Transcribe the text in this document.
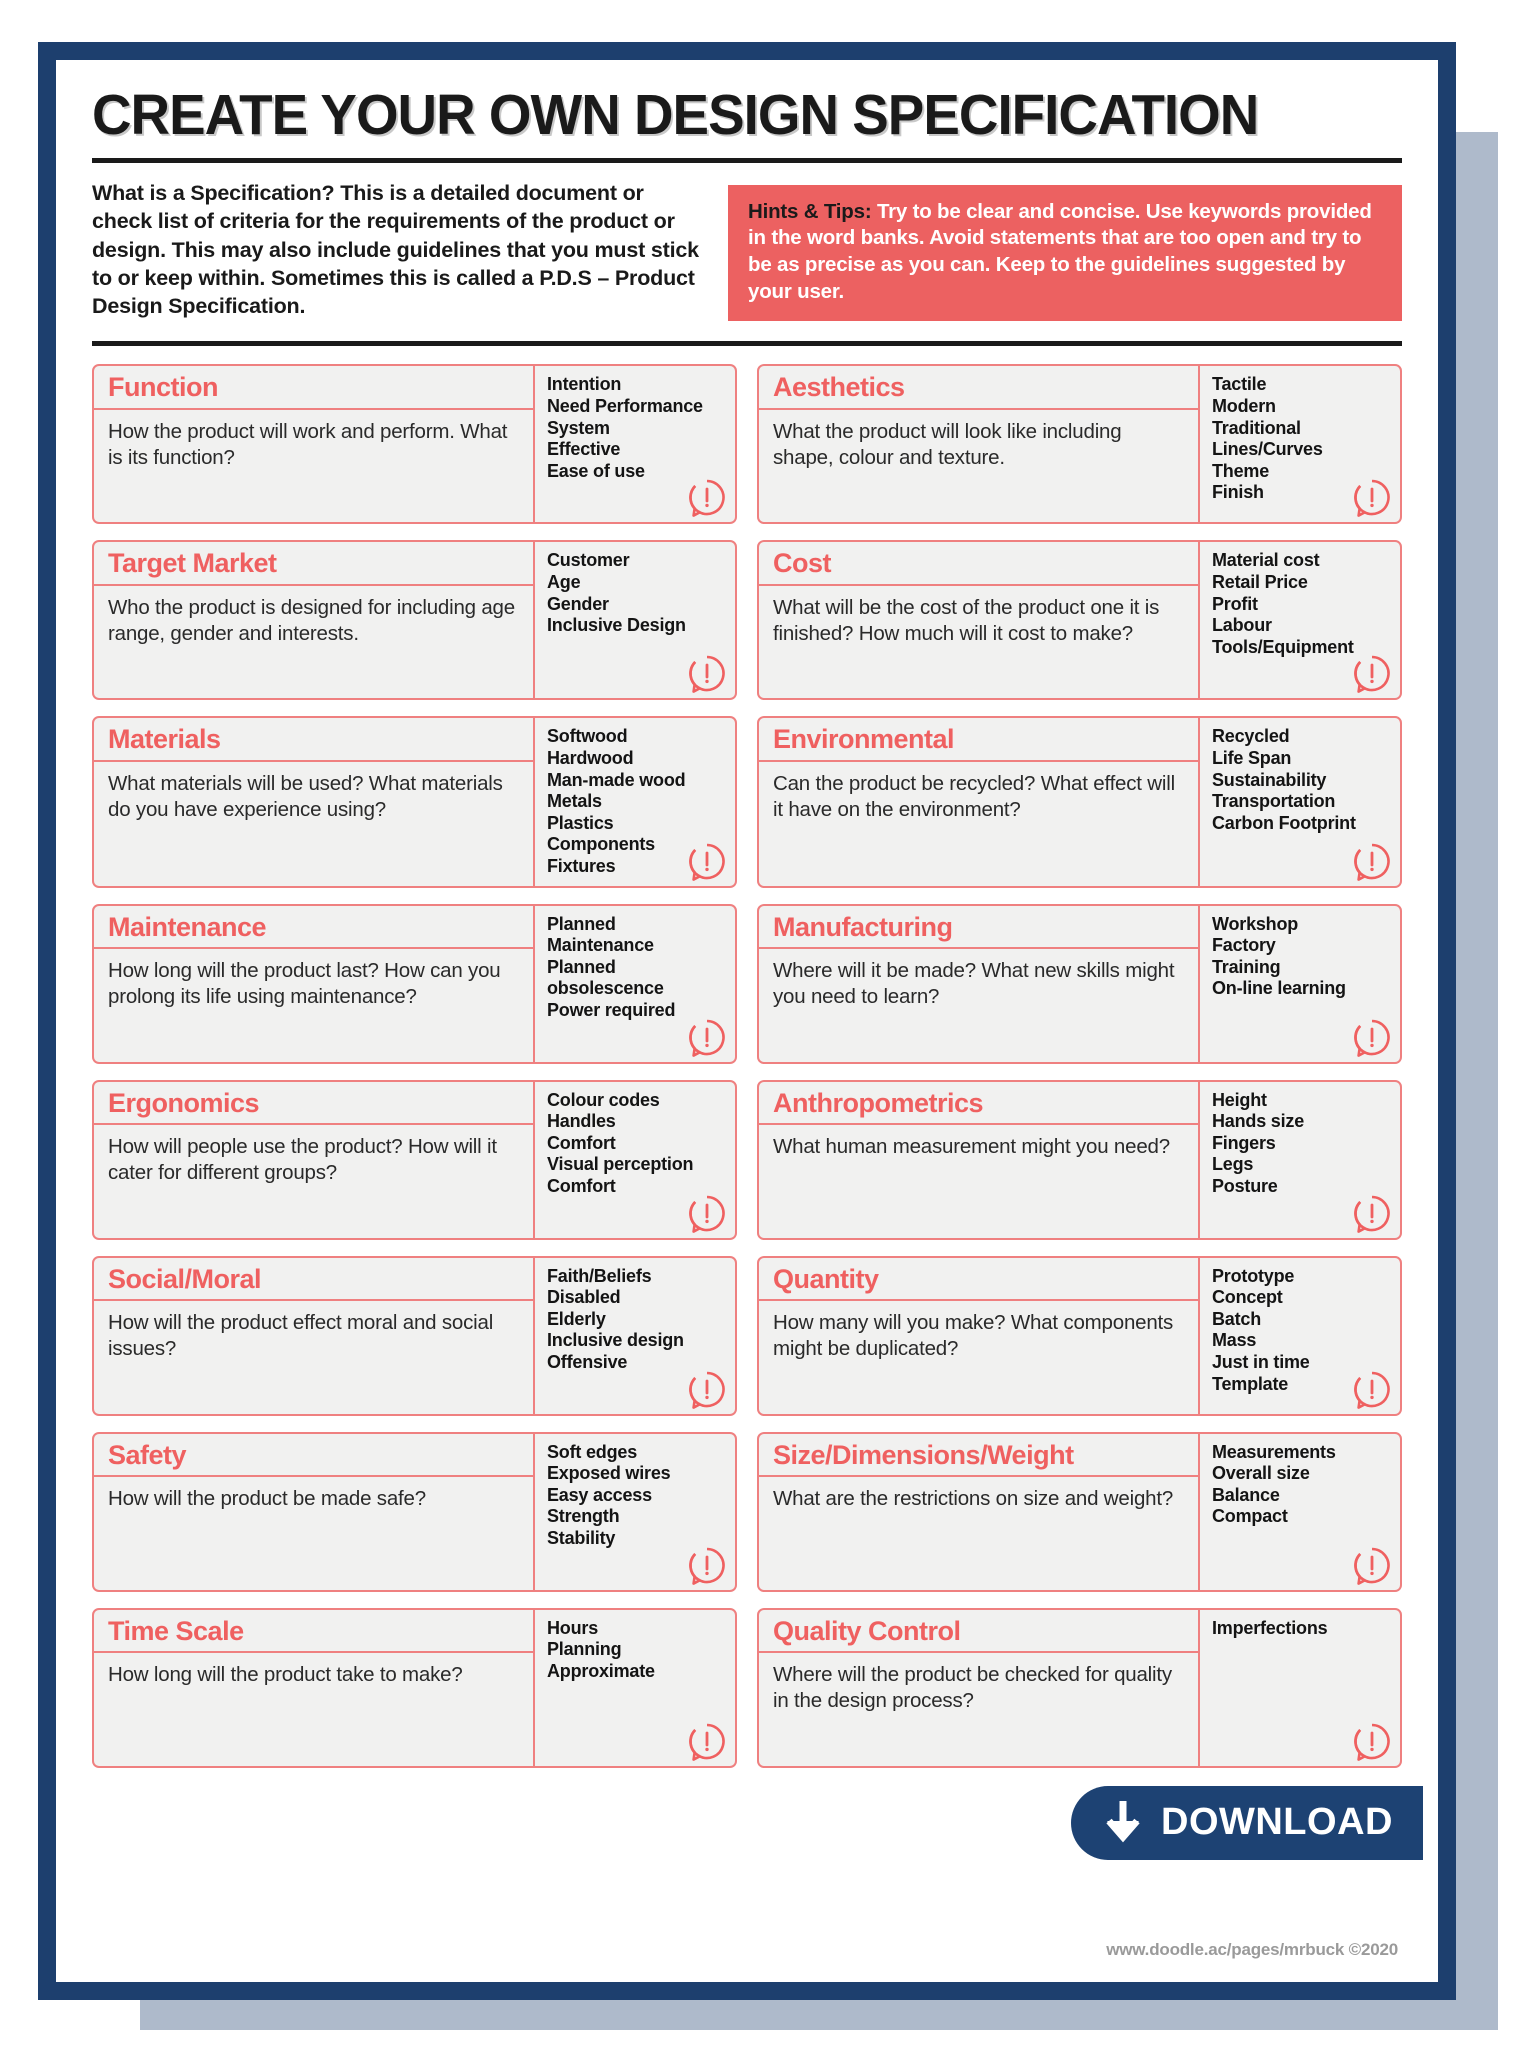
CREATE YOUR OWN DESIGN SPECIFICATION
What is a Specification? This is a detailed document or check list of criteria for the requirements of the product or design. This may also include guidelines that you must stick to or keep within. Sometimes this is called a P.D.S – Product Design Specification.
Hints & Tips: Try to be clear and concise. Use keywords provided in the word banks. Avoid statements that are too open and try to be as precise as you can. Keep to the guidelines suggested by your user.
Function
How the product will work and perform. What is its function?
Intention
Need Performance
System
Effective
Ease of use
Aesthetics
What the product will look like including shape, colour and texture.
Tactile
Modern
Traditional
Lines/Curves
Theme
Finish
Target Market
Who the product is designed for including age range, gender and interests.
Customer
Age
Gender
Inclusive Design
Cost
What will be the cost of the product one it is finished? How much will it cost to make?
Material cost
Retail Price
Profit
Labour
Tools/Equipment
Materials
What materials will be used? What materials do you have experience using?
Softwood
Hardwood
Man-made wood
Metals
Plastics
Components
Fixtures
Environmental
Can the product be recycled? What effect will it have on the environment?
Recycled
Life Span
Sustainability
Transportation
Carbon Footprint
Maintenance
How long will the product last? How can you prolong its life using maintenance?
Planned
Maintenance
Planned
obsolescence
Power required
Manufacturing
Where will it be made? What new skills might you need to learn?
Workshop
Factory
Training
On-line learning
Ergonomics
How will people use the product? How will it cater for different groups?
Colour codes
Handles
Comfort
Visual perception
Comfort
Anthropometrics
What human measurement might you need?
Height
Hands size
Fingers
Legs
Posture
Social/Moral
How will the product effect moral and social issues?
Faith/Beliefs
Disabled
Elderly
Inclusive design
Offensive
Quantity
How many will you make? What components might be duplicated?
Prototype
Concept
Batch
Mass
Just in time
Template
Safety
How will the product be made safe?
Soft edges
Exposed wires
Easy access
Strength
Stability
Size/Dimensions/Weight
What are the restrictions on size and weight?
Measurements
Overall size
Balance
Compact
Time Scale
How long will the product take to make?
Hours
Planning
Approximate
Quality Control
Where will the product be checked for quality in the design process?
Imperfections
www.doodle.ac/pages/mrbuck ©2020
DOWNLOAD
